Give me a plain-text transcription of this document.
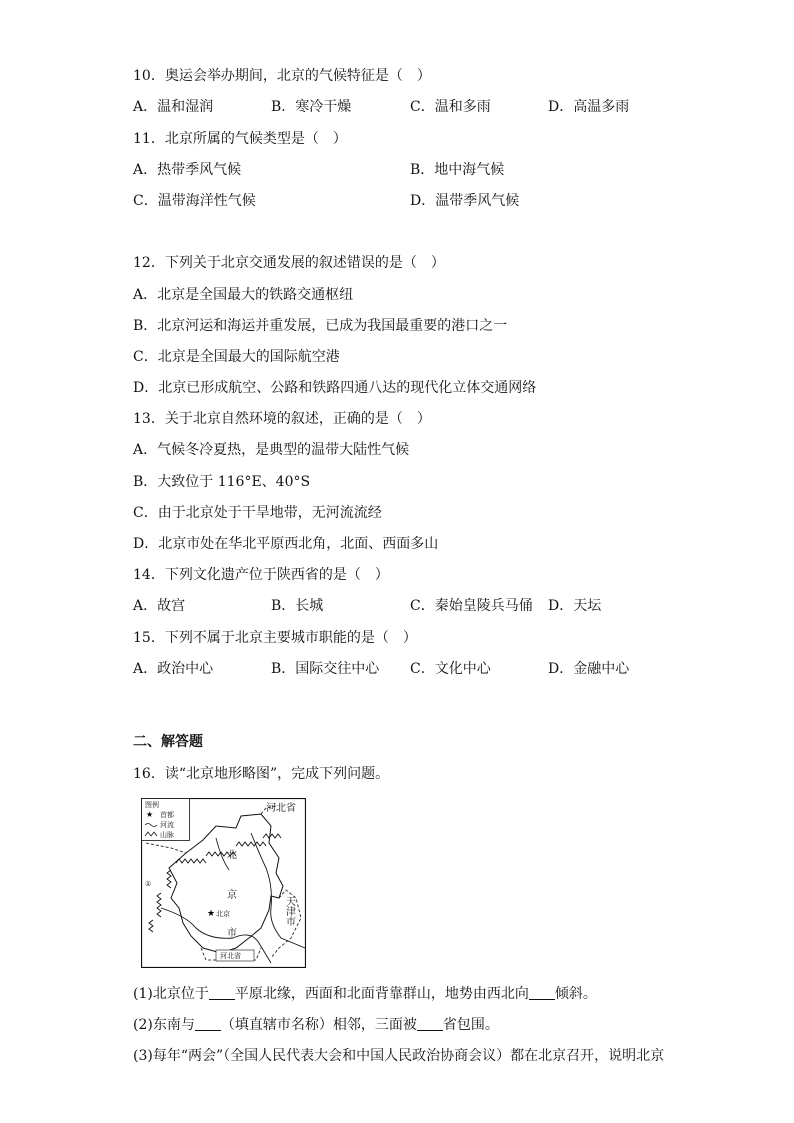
10．奥运会举办期间，北京的气候特征是（　）
A．温和湿润	B．寒冷干燥	C．温和多雨	D．高温多雨
11．北京所属的气候类型是（　）
A．热带季风气候	B．地中海气候
C．温带海洋性气候	D．温带季风气候
12．下列关于北京交通发展的叙述错误的是（　）
A．北京是全国最大的铁路交通枢纽
B．北京河运和海运并重发展，已成为我国最重要的港口之一
C．北京是全国最大的国际航空港
D．北京已形成航空、公路和铁路四通八达的现代化立体交通网络
13．关于北京自然环境的叙述，正确的是（　）
A．气候冬冷夏热，是典型的温带大陆性气候
B．大致位于 116°E、40°S
C．由于北京处于干旱地带，无河流流经
D．北京市处在华北平原西北角，北面、西面多山
14．下列文化遗产位于陕西省的是（　）
A．故宫	B．长城	C．秦始皇陵兵马俑 D．天坛
15．下列不属于北京主要城市职能的是（　）
A．政治中心	B．国际交往中心 C．文化中心	D．金融中心
二、解答题
16．读“北京地形略图”，完成下列问题。
图例
★ 首都
河流
山脉
河北省
天津市
北
京
市
★ 北京
河北省
①
(1)北京位于 平原北缘，西面和北面背靠群山，地势由西北向 倾斜。
(2)东南与 （填直辖市名称）相邻，三面被 省包围。
(3)每年“两会”（全国人民代表大会和中国人民政治协商会议）都在北京召开，说明北京
